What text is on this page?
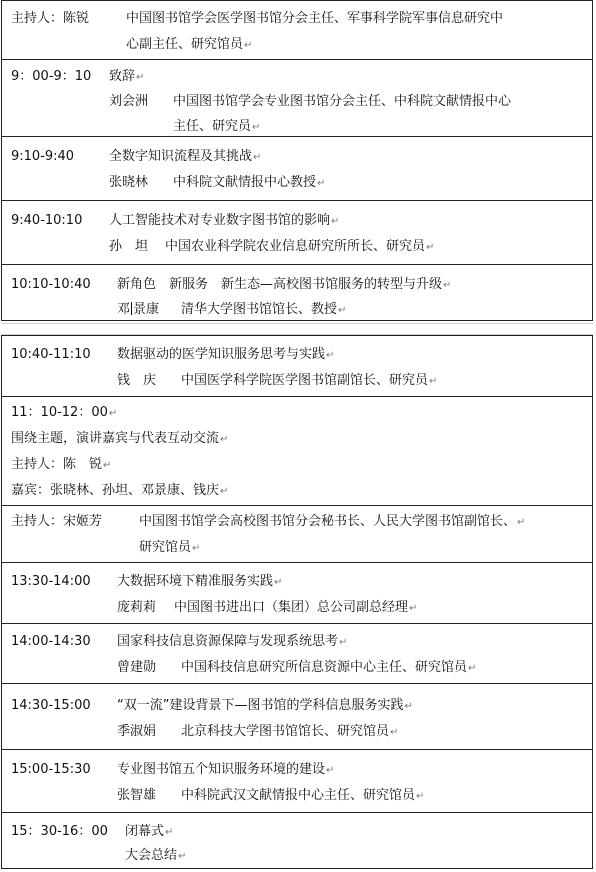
主持人：陈锐	中国图书馆学会医学图书馆分会主任、军事科学院军事信息研究中
心副主任、研究馆员↵
9：00-9：10 致辞↵
刘会洲 中国图书馆学会专业图书馆分会主任、中科院文献情报中心
主任、研究员↵
9:10-9:40	全数字知识流程及其挑战↵
张晓林 中科院文献情报中心教授↵
9:40-10:10 人工智能技术对专业数字图书馆的影响↵
孙　坦 中国农业科学院农业信息研究所所长、研究员↵
10:10-10:40 新角色　新服务　新生态—高校图书馆服务的转型与升级↵
邓 景康 清华大学图书馆馆长、教授↵
10:40-11:10 数据驱动的医学知识服务思考与实践↵
钱　庆 中国医学科学院医学图书馆副馆长、研究员↵
11：10-12：00↵
围绕主题，演讲嘉宾与代表互动交流↵
主持人：陈　锐↵
嘉宾：张晓林、孙坦、邓景康、钱庆↵
主持人：宋姬芳	中国图书馆学会高校图书馆分会秘书长、人民大学图书馆副馆长、↵
研究馆员↵
13:30-14:00 大数据环境下精准服务实践↵
庞莉莉 中国图书进出口（集团）总公司副总经理↵
14:00-14:30 国家科技信息资源保障与发现系统思考↵
曾建勋 中国科技信息研究所信息资源中心主任、研究馆员↵
14:30-15:00 “双一流”建设背景下—图书馆的学科信息服务实践↵
季淑娟 北京科技大学图书馆馆长、研究馆员↵
15:00-15:30 专业图书馆五个知识服务环境的建设↵
张智雄 中科院武汉文献情报中心主任、研究馆员↵
15：30-16：00 闭幕式↵
大会总结↵
